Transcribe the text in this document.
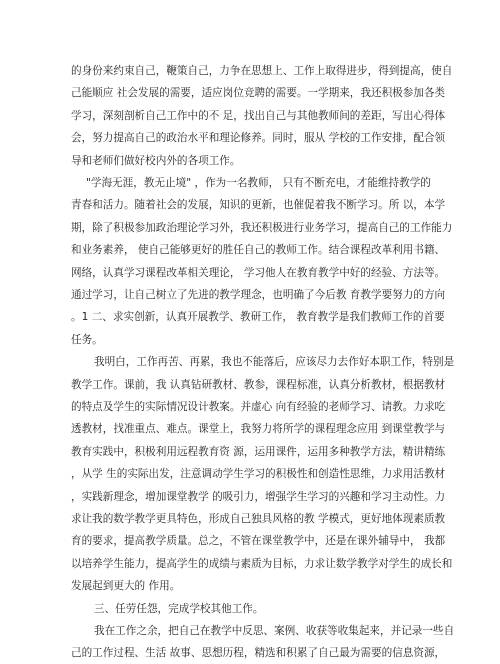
的身份来约束自己，鞭策自己，力争在思想上、工作上取得进步，得到提高，使自
己能顺应 社会发展的需要，适应岗位竞聘的需要。一学期来，我还积极参加各类
学习，深刻剖析自己工作中的不 足，找出自己与其他教师间的差距，写出心得体
会，努力提高自己的政治水平和理论修养。同时，服从 学校的工作安排，配合领
导和老师们做好校内外的各项工作。
"学海无涯，教无止境" ，作为一名教师， 只有不断充电，才能维持教学的
青春和活力。随着社会的发展，知识的更新，也催促着我不断学习。所 以，本学
期，除了积极参加政治理论学习外，我还积极进行业务学习，提高自己的工作能力
和业务素养， 使自己能够更好的胜任自己的教师工作。结合课程改革利用书籍、
网络，认真学习课程改革相关理论， 学习他人在教育教学中好的经验、方法等。
通过学习，让自己树立了先进的教学理念，也明确了今后教 育教学要努力的方向
。1 二、求实创新，认真开展教学、教研工作， 教育教学是我们教师工作的首要
任务。
我明白，工作再苦、再累，我也不能落后，应该尽力去作好本职工作，特别是
教学工作。课前，我 认真钻研教材、教参，课程标准，认真分析教材，根据教材
的特点及学生的实际情况设计教案。并虚心 向有经验的老师学习、请教。力求吃
透教材，找准重点、难点。课堂上，我努力将所学的课程理念应用 到课堂教学与
教育实践中，积极利用远程教育资 源，运用课件，运用多种教学方法，精讲精练
，从学 生的实际出发，注意调动学生学习的积极性和创造性思维，力求用活教材
，实践新理念，增加课堂教学 的吸引力，增强学生学习的兴趣和学习主动性。力
求让我的数学教学更具特色，形成自己独具风格的教 学模式，更好地体现素质教
育的要求，提高教学质量。总之，不管在课堂教学中，还是在课外辅导中， 我都
以培养学生能力，提高学生的成绩与素质为目标，力求让数学教学对学生的成长和
发展起到更大的 作用。
三、任劳任怨，完成学校其他工作。
我在工作之余，把自己在教学中反思、案例、收获等收集起来，并记录一些自
己的工作过程、生活 故事、思想历程，精选和积累了自己最为需要的信息资源，
